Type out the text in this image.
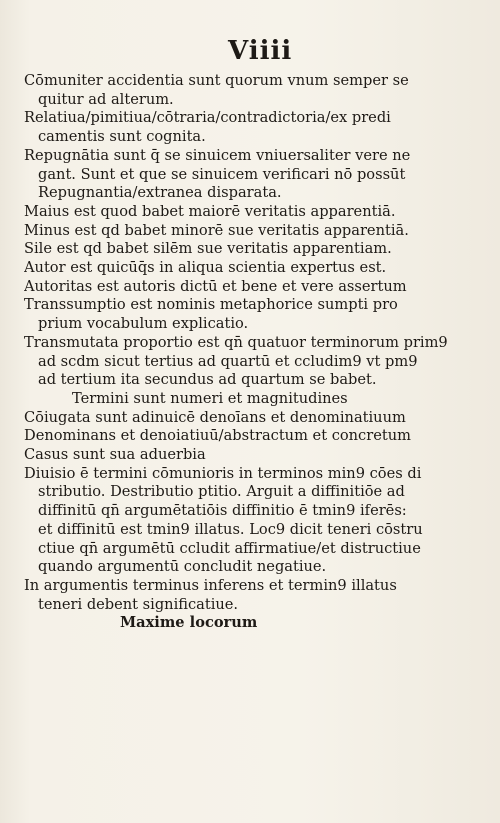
Viiii
Cōmuniter accidentia sunt quorum vnum semper se
quitur ad alterum.
Relatiua/pimitiua/cōtraria/contradictoria/ex predi
camentis sunt cognita.
Repugnātia sunt q̄ se sinuicem vniuersaliter vere ne
gant. Sunt et que se sinuicem verificari nō possūt
Repugnantia/extranea disparata.
Maius est quod babet maiorē veritatis apparentiā.
Minus est qd̄ babet minorē sue veritatis apparentiā.
Sile est qd̄ babet silēm sue veritatis apparentiam.
Autor est quicūq̄s in aliqua scientia expertus est.
Autoritas est autoris dictū et bene et vere assertum
Transsumptio est nominis metaphorice sumpti pro
prium vocabulum explicatio.
Transmutata proportio est qn̄ quatuor terminorum prim9
ad scdm sicut tertius ad quartū et ccludim9 vt pm9
ad tertium ita secundus ad quartum se babet.
Termini sunt numeri et magnitudines
Cōiugata sunt adinuicē denoīans et denominatiuum
Denominans et denoiatiuū/abstractum et concretum
Casus sunt sua aduerbia
Diuisio ē termini cōmunioris in terminos min9 cōes di
stributio. Destributio ptitio. Arguit a diffinitiōe ad
diffinitū qn̄ argumētatiōis diffinitio ē tmin9 iferēs:
et diffinitū est tmin9 illatus. Loc9 dicit teneri cōstru
ctiue qn̄ argumētū ccludit affirmatiue/et distructiue
quando argumentū concludit negatiue.
In argumentis terminus inferens et termin9 illatus
teneri debent significatiue.
Maxime locorum
